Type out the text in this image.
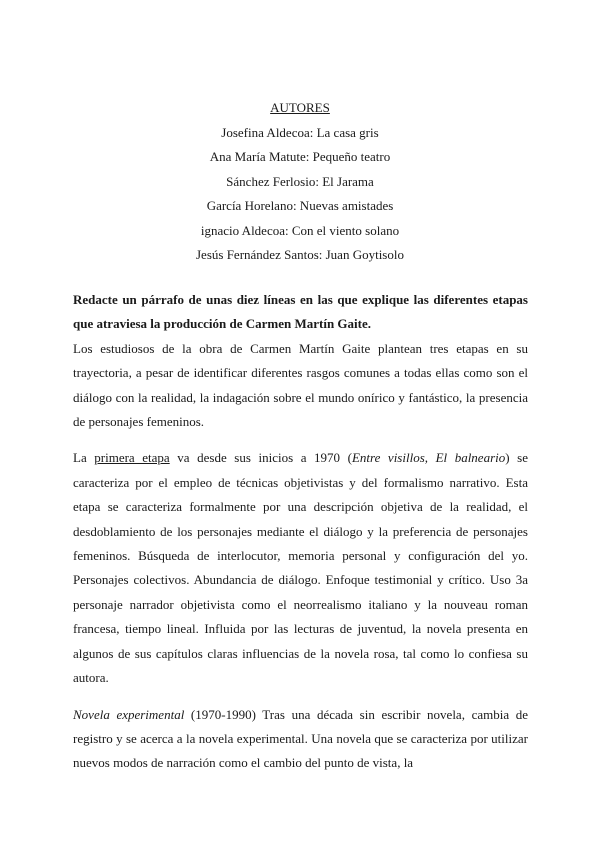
AUTORES
Josefina Aldecoa: La casa gris
Ana María Matute: Pequeño teatro
Sánchez Ferlosio: El Jarama
García Horelano: Nuevas amistades
ignacio Aldecoa: Con el viento solano
Jesús Fernández Santos: Juan Goytisolo

Redacte un párrafo de unas diez líneas en las que explique las diferentes etapas que atraviesa la producción de Carmen Martín Gaite.

Los estudiosos de la obra de Carmen Martín Gaite plantean tres etapas en su trayectoria, a pesar de identificar diferentes rasgos comunes a todas ellas como son el diálogo con la realidad, la indagación sobre el mundo onírico y fantástico, la presencia de personajes femeninos.

La primera etapa va desde sus inicios a 1970 (Entre visillos, El balneario) se caracteriza por el empleo de técnicas objetivistas y del formalismo narrativo. Esta etapa se caracteriza formalmente por una descripción objetiva de la realidad, el desdoblamiento de los personajes mediante el diálogo y la preferencia de personajes femeninos. Búsqueda de interlocutor, memoria personal y configuración del yo. Personajes colectivos. Abundancia de diálogo. Enfoque testimonial y crítico. Uso 3a personaje narrador objetivista como el neorrealismo italiano y la nouveau roman francesa, tiempo lineal. Influida por las lecturas de juventud, la novela presenta en algunos de sus capítulos claras influencias de la novela rosa, tal como lo confiesa su autora.

Novela experimental (1970-1990) Tras una década sin escribir novela, cambia de registro y se acerca a la novela experimental. Una novela que se caracteriza por utilizar nuevos modos de narración como el cambio del punto de vista, la
